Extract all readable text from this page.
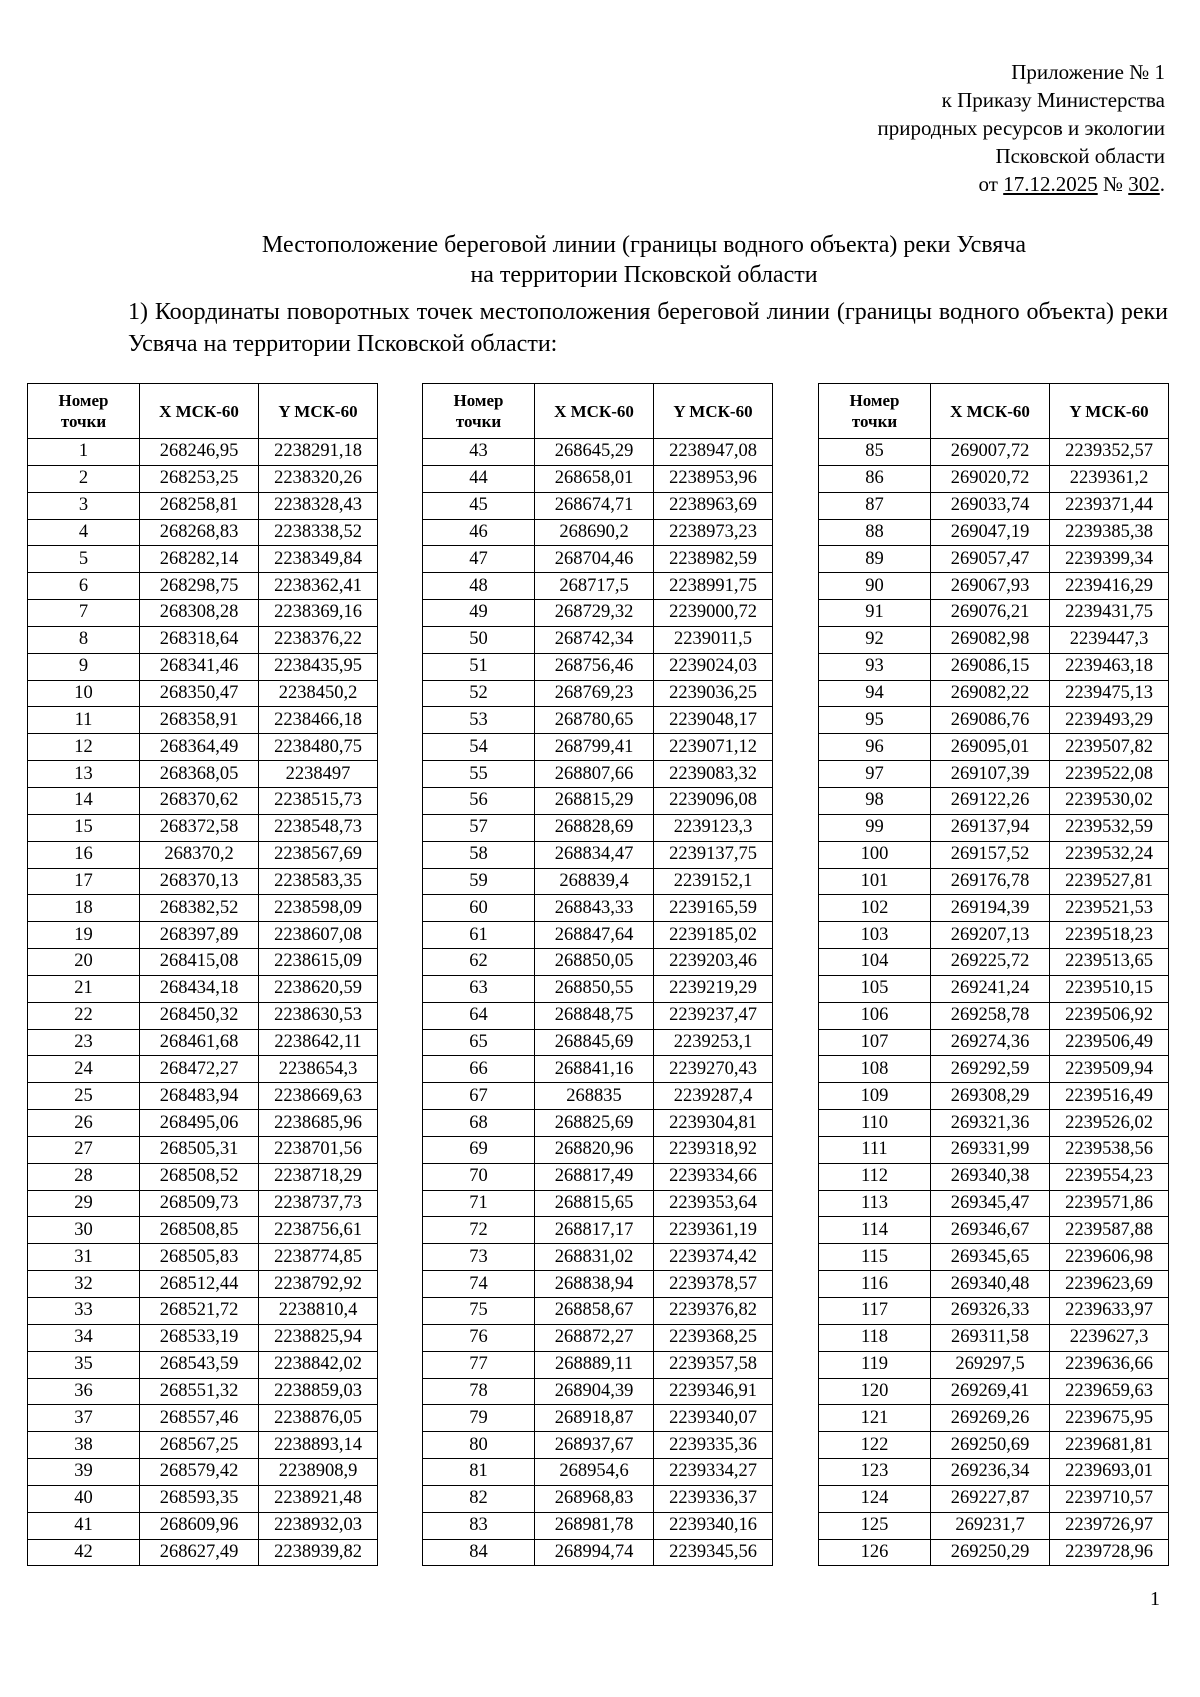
Приложение № 1
к Приказу Министерства
природных ресурсов и экологии
Псковской области
от 17.12.2025 № 302.
Местоположение береговой линии (границы водного объекта) реки Усвяча
на территории Псковской области
1) Координаты поворотных точек местоположения береговой линии (границы водного объекта) реки Усвяча на территории Псковской области:
Номер
точки	X МСК-60	Y МСК-60
1	268246,95	2238291,18
2	268253,25	2238320,26
3	268258,81	2238328,43
4	268268,83	2238338,52
5	268282,14	2238349,84
6	268298,75	2238362,41
7	268308,28	2238369,16
8	268318,64	2238376,22
9	268341,46	2238435,95
10	268350,47	2238450,2
11	268358,91	2238466,18
12	268364,49	2238480,75
13	268368,05	2238497
14	268370,62	2238515,73
15	268372,58	2238548,73
16	268370,2	2238567,69
17	268370,13	2238583,35
18	268382,52	2238598,09
19	268397,89	2238607,08
20	268415,08	2238615,09
21	268434,18	2238620,59
22	268450,32	2238630,53
23	268461,68	2238642,11
24	268472,27	2238654,3
25	268483,94	2238669,63
26	268495,06	2238685,96
27	268505,31	2238701,56
28	268508,52	2238718,29
29	268509,73	2238737,73
30	268508,85	2238756,61
31	268505,83	2238774,85
32	268512,44	2238792,92
33	268521,72	2238810,4
34	268533,19	2238825,94
35	268543,59	2238842,02
36	268551,32	2238859,03
37	268557,46	2238876,05
38	268567,25	2238893,14
39	268579,42	2238908,9
40	268593,35	2238921,48
41	268609,96	2238932,03
42	268627,49	2238939,82
Номер
точки	X МСК-60	Y МСК-60
43	268645,29	2238947,08
44	268658,01	2238953,96
45	268674,71	2238963,69
46	268690,2	2238973,23
47	268704,46	2238982,59
48	268717,5	2238991,75
49	268729,32	2239000,72
50	268742,34	2239011,5
51	268756,46	2239024,03
52	268769,23	2239036,25
53	268780,65	2239048,17
54	268799,41	2239071,12
55	268807,66	2239083,32
56	268815,29	2239096,08
57	268828,69	2239123,3
58	268834,47	2239137,75
59	268839,4	2239152,1
60	268843,33	2239165,59
61	268847,64	2239185,02
62	268850,05	2239203,46
63	268850,55	2239219,29
64	268848,75	2239237,47
65	268845,69	2239253,1
66	268841,16	2239270,43
67	268835	2239287,4
68	268825,69	2239304,81
69	268820,96	2239318,92
70	268817,49	2239334,66
71	268815,65	2239353,64
72	268817,17	2239361,19
73	268831,02	2239374,42
74	268838,94	2239378,57
75	268858,67	2239376,82
76	268872,27	2239368,25
77	268889,11	2239357,58
78	268904,39	2239346,91
79	268918,87	2239340,07
80	268937,67	2239335,36
81	268954,6	2239334,27
82	268968,83	2239336,37
83	268981,78	2239340,16
84	268994,74	2239345,56
Номер
точки	X МСК-60	Y МСК-60
85	269007,72	2239352,57
86	269020,72	2239361,2
87	269033,74	2239371,44
88	269047,19	2239385,38
89	269057,47	2239399,34
90	269067,93	2239416,29
91	269076,21	2239431,75
92	269082,98	2239447,3
93	269086,15	2239463,18
94	269082,22	2239475,13
95	269086,76	2239493,29
96	269095,01	2239507,82
97	269107,39	2239522,08
98	269122,26	2239530,02
99	269137,94	2239532,59
100	269157,52	2239532,24
101	269176,78	2239527,81
102	269194,39	2239521,53
103	269207,13	2239518,23
104	269225,72	2239513,65
105	269241,24	2239510,15
106	269258,78	2239506,92
107	269274,36	2239506,49
108	269292,59	2239509,94
109	269308,29	2239516,49
110	269321,36	2239526,02
111	269331,99	2239538,56
112	269340,38	2239554,23
113	269345,47	2239571,86
114	269346,67	2239587,88
115	269345,65	2239606,98
116	269340,48	2239623,69
117	269326,33	2239633,97
118	269311,58	2239627,3
119	269297,5	2239636,66
120	269269,41	2239659,63
121	269269,26	2239675,95
122	269250,69	2239681,81
123	269236,34	2239693,01
124	269227,87	2239710,57
125	269231,7	2239726,97
126	269250,29	2239728,96
1
